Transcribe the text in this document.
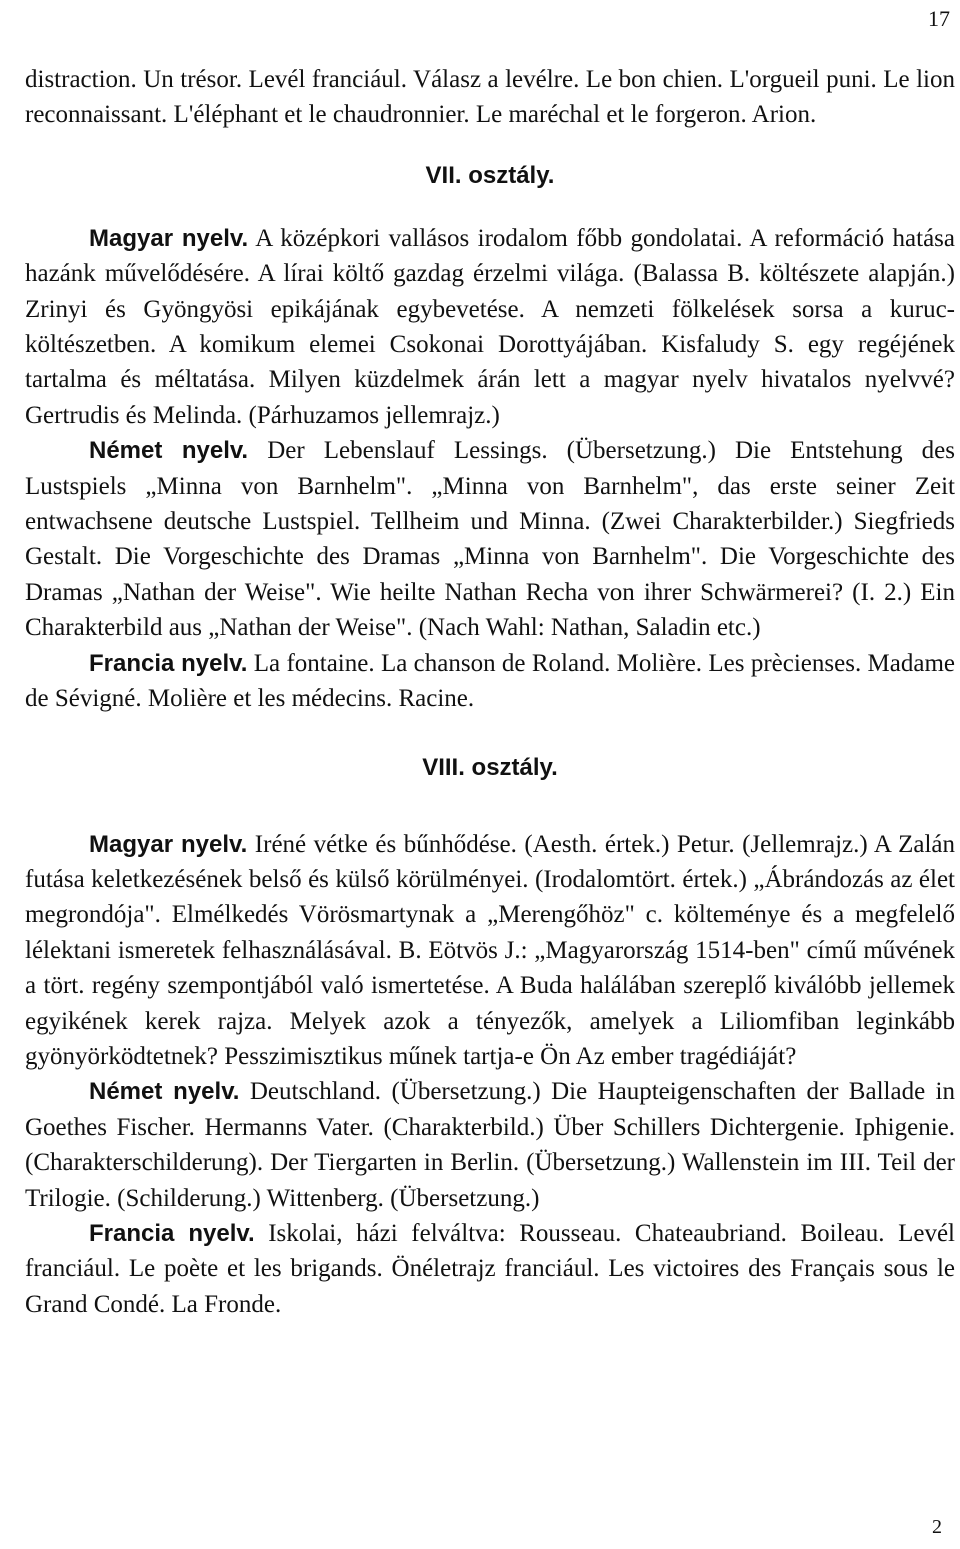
17

distraction. Un trésor. Levél franciául. Válasz a levélre. Le bon chien. L'orgueil puni. Le lion reconnaissant. L'éléphant et le chaudronnier. Le maréchal et le forgeron. Arion.

VII. osztály.

Magyar nyelv. A középkori vallásos irodalom főbb gondolatai. A reformáció hatása hazánk művelődésére. A lírai költő gazdag érzelmi világa. (Balassa B. költészete alapján.) Zrinyi és Gyöngyösi epikájának egybevetése. A nemzeti fölkelések sorsa a kuruc-költészetben. A komikum elemei Csokonai Dorottyájában. Kisfaludy S. egy regéjének tartalma és méltatása. Milyen küzdelmek árán lett a magyar nyelv hivatalos nyelvvé? Gertrudis és Melinda. (Párhuzamos jellemrajz.)

Német nyelv. Der Lebenslauf Lessings. (Übersetzung.) Die Entstehung des Lustspiels „Minna von Barnhelm". „Minna von Barnhelm", das erste seiner Zeit entwachsene deutsche Lustspiel. Tellheim und Minna. (Zwei Charakterbilder.) Siegfrieds Gestalt. Die Vorgeschichte des Dramas „Minna von Barnhelm". Die Vorgeschichte des Dramas „Nathan der Weise". Wie heilte Nathan Recha von ihrer Schwärmerei? (I. 2.) Ein Charakterbild aus „Nathan der Weise". (Nach Wahl: Nathan, Saladin etc.)

Francia nyelv. La fontaine. La chanson de Roland. Molière. Les prècienses. Madame de Sévigné. Molière et les médecins. Racine.

VIII. osztály.

Magyar nyelv. Iréné vétke és bűnhődése. (Aesth. értek.) Petur. (Jellemrajz.) A Zalán futása keletkezésének belső és külső körülményei. (Irodalomtört. értek.) „Ábrándozás az élet megrondója". Elmélkedés Vörösmartynak a „Merengőhöz" c. költeménye és a megfelelő lélektani ismeretek felhasználásával. B. Eötvös J.: „Magyarország 1514-ben" című művének a tört. regény szempontjából való ismertetése. A Buda halálában szereplő kiválóbb jellemek egyikének kerek rajza. Melyek azok a tényezők, amelyek a Liliomfiban leginkább gyönyörködtetnek? Pesszimisztikus műnek tartja-e Ön Az ember tragédiáját?

Német nyelv. Deutschland. (Übersetzung.) Die Haupteigenschaften der Ballade in Goethes Fischer. Hermanns Vater. (Charakterbild.) Über Schillers Dichtergenie. Iphigenie. (Charakterschilderung). Der Tiergarten in Berlin. (Übersetzung.) Wallenstein im III. Teil der Trilogie. (Schilderung.) Wittenberg. (Übersetzung.)

Francia nyelv. Iskolai, házi felváltva: Rousseau. Chateaubriand. Boileau. Levél franciául. Le poète et les brigands. Önéletrajz franciául. Les victoires des Français sous le Grand Condé. La Fronde.

2
